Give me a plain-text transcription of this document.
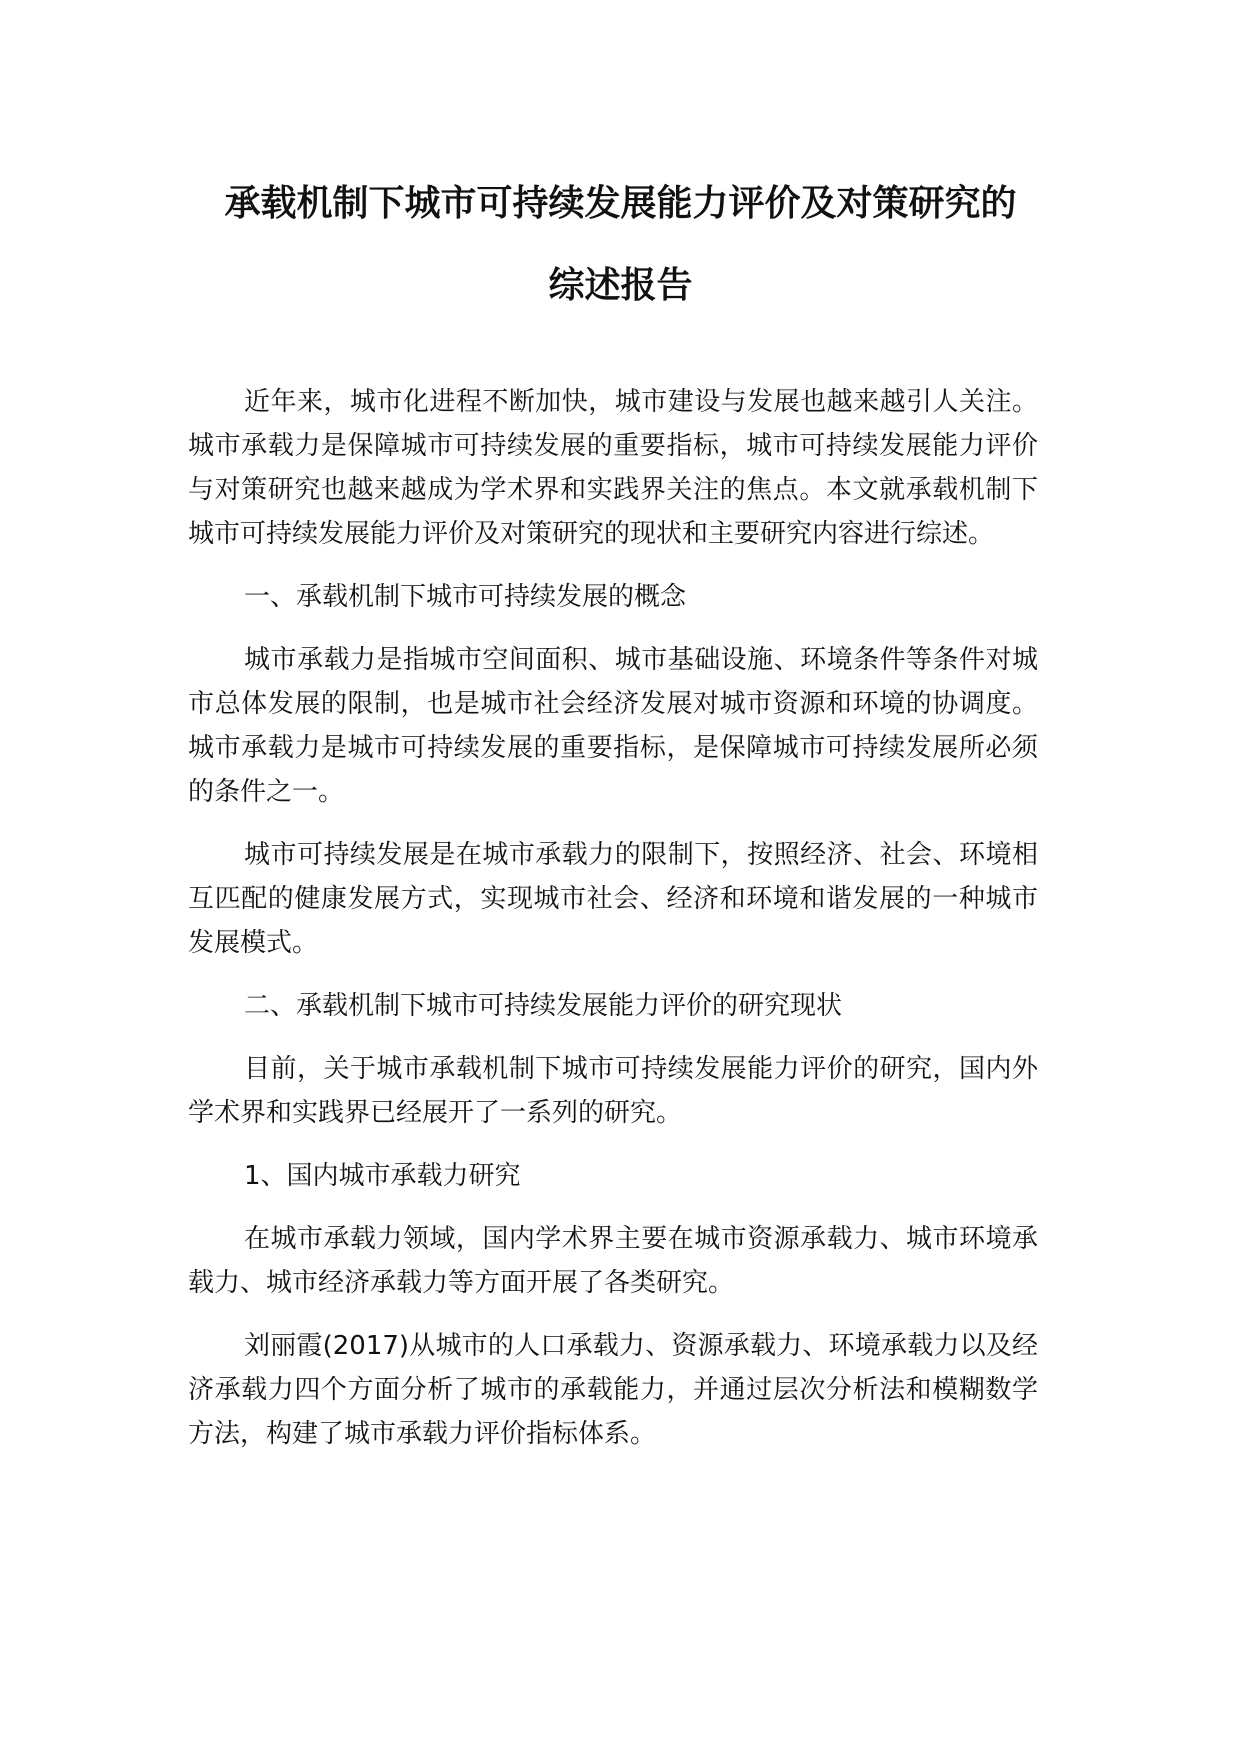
承载机制下城市可持续发展能力评价及对策研究的
综述报告

近年来，城市化进程不断加快，城市建设与发展也越来越引人关注。城市承载力是保障城市可持续发展的重要指标，城市可持续发展能力评价与对策研究也越来越成为学术界和实践界关注的焦点。本文就承载机制下城市可持续发展能力评价及对策研究的现状和主要研究内容进行综述。

一、承载机制下城市可持续发展的概念

城市承载力是指城市空间面积、城市基础设施、环境条件等条件对城市总体发展的限制，也是城市社会经济发展对城市资源和环境的协调度。城市承载力是城市可持续发展的重要指标，是保障城市可持续发展所必须的条件之一。

城市可持续发展是在城市承载力的限制下，按照经济、社会、环境相互匹配的健康发展方式，实现城市社会、经济和环境和谐发展的一种城市发展模式。

二、承载机制下城市可持续发展能力评价的研究现状

目前，关于城市承载机制下城市可持续发展能力评价的研究，国内外学术界和实践界已经展开了一系列的研究。

1、国内城市承载力研究

在城市承载力领域，国内学术界主要在城市资源承载力、城市环境承载力、城市经济承载力等方面开展了各类研究。

刘丽霞(2017)从城市的人口承载力、资源承载力、环境承载力以及经济承载力四个方面分析了城市的承载能力，并通过层次分析法和模糊数学方法，构建了城市承载力评价指标体系。
